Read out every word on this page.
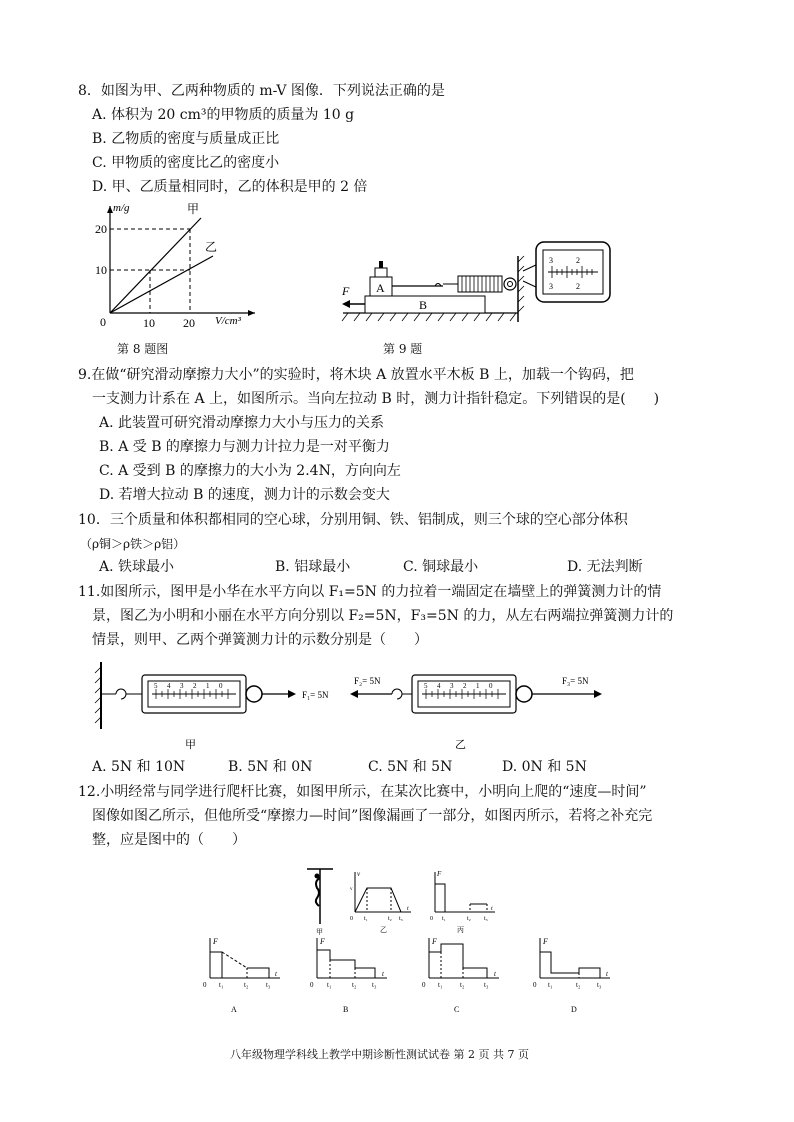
8．如图为甲、乙两种物质的 m-V 图像．下列说法正确的是
A. 体积为 20 cm³的甲物质的质量为 10 g
B. 乙物质的密度与质量成正比
C. 甲物质的密度比乙的密度小
D. 甲、乙质量相同时，乙的体积是甲的 2 倍
m/g	甲
乙
20
10
0	10 20 V/cm³
第 8 题图
B
A
F
3	2
3	2
第 9 题
9.在做“研究滑动摩擦力大小”的实验时，将木块 A 放置水平木板 B 上，加载一个钩码，把
一支测力计系在 A 上，如图所示。当向左拉动 B 时，测力计指针稳定。下列错误的是(　　)
A. 此装置可研究滑动摩擦力大小与压力的关系
B. A 受 B 的摩擦力与测力计拉力是一对平衡力
C. A 受到 B 的摩擦力的大小为 2.4N，方向向左
D. 若增大拉动 B 的速度，测力计的示数会变大
10．三个质量和体积都相同的空心球，分别用铜、铁、铝制成，则三个球的空心部分体积
（ρ铜＞ρ铁＞ρ铝）
A. 铁球最小	B. 铝球最小	C. 铜球最小	D. 无法判断
11.如图所示，图甲是小华在水平方向以 F₁=5N 的力拉着一端固定在墙壁上的弹簧测力计的情
景，图乙为小明和小丽在水平方向分别以 F₂=5N，F₃=5N 的力，从左右两端拉弹簧测力计的
情景，则甲、乙两个弹簧测力计的示数分别是（　　）
5 4 3 2 1 0
F₁= 5N
甲
F₂= 5N	5 4 3 2 1 0	F₃= 5N
乙
A. 5N 和 10N	B. 5N 和 0N	C. 5N 和 5N	D. 0N 和 5N
12.小明经常与同学进行爬杆比赛，如图甲所示，在某次比赛中，小明向上爬的“速度—时间”
图像如图乙所示，但他所受“摩擦力—时间”图像漏画了一部分，如图丙所示，若将之补充完
整，应是图中的（　　）
甲
v
v
0 t₁	t₂ t₃
t
乙
F
0 t₁	t₂ t₃
t
丙
F
0 t₁	t₂	t₃
t
A
F
0 t₁	t₂ t₃
t
B
F
0 t₁	t₂	t₃
t
C
F
0 t₁	t₂ t₃
t
D
八年级物理学科线上教学中期诊断性测试试卷 第 2 页 共 7 页
